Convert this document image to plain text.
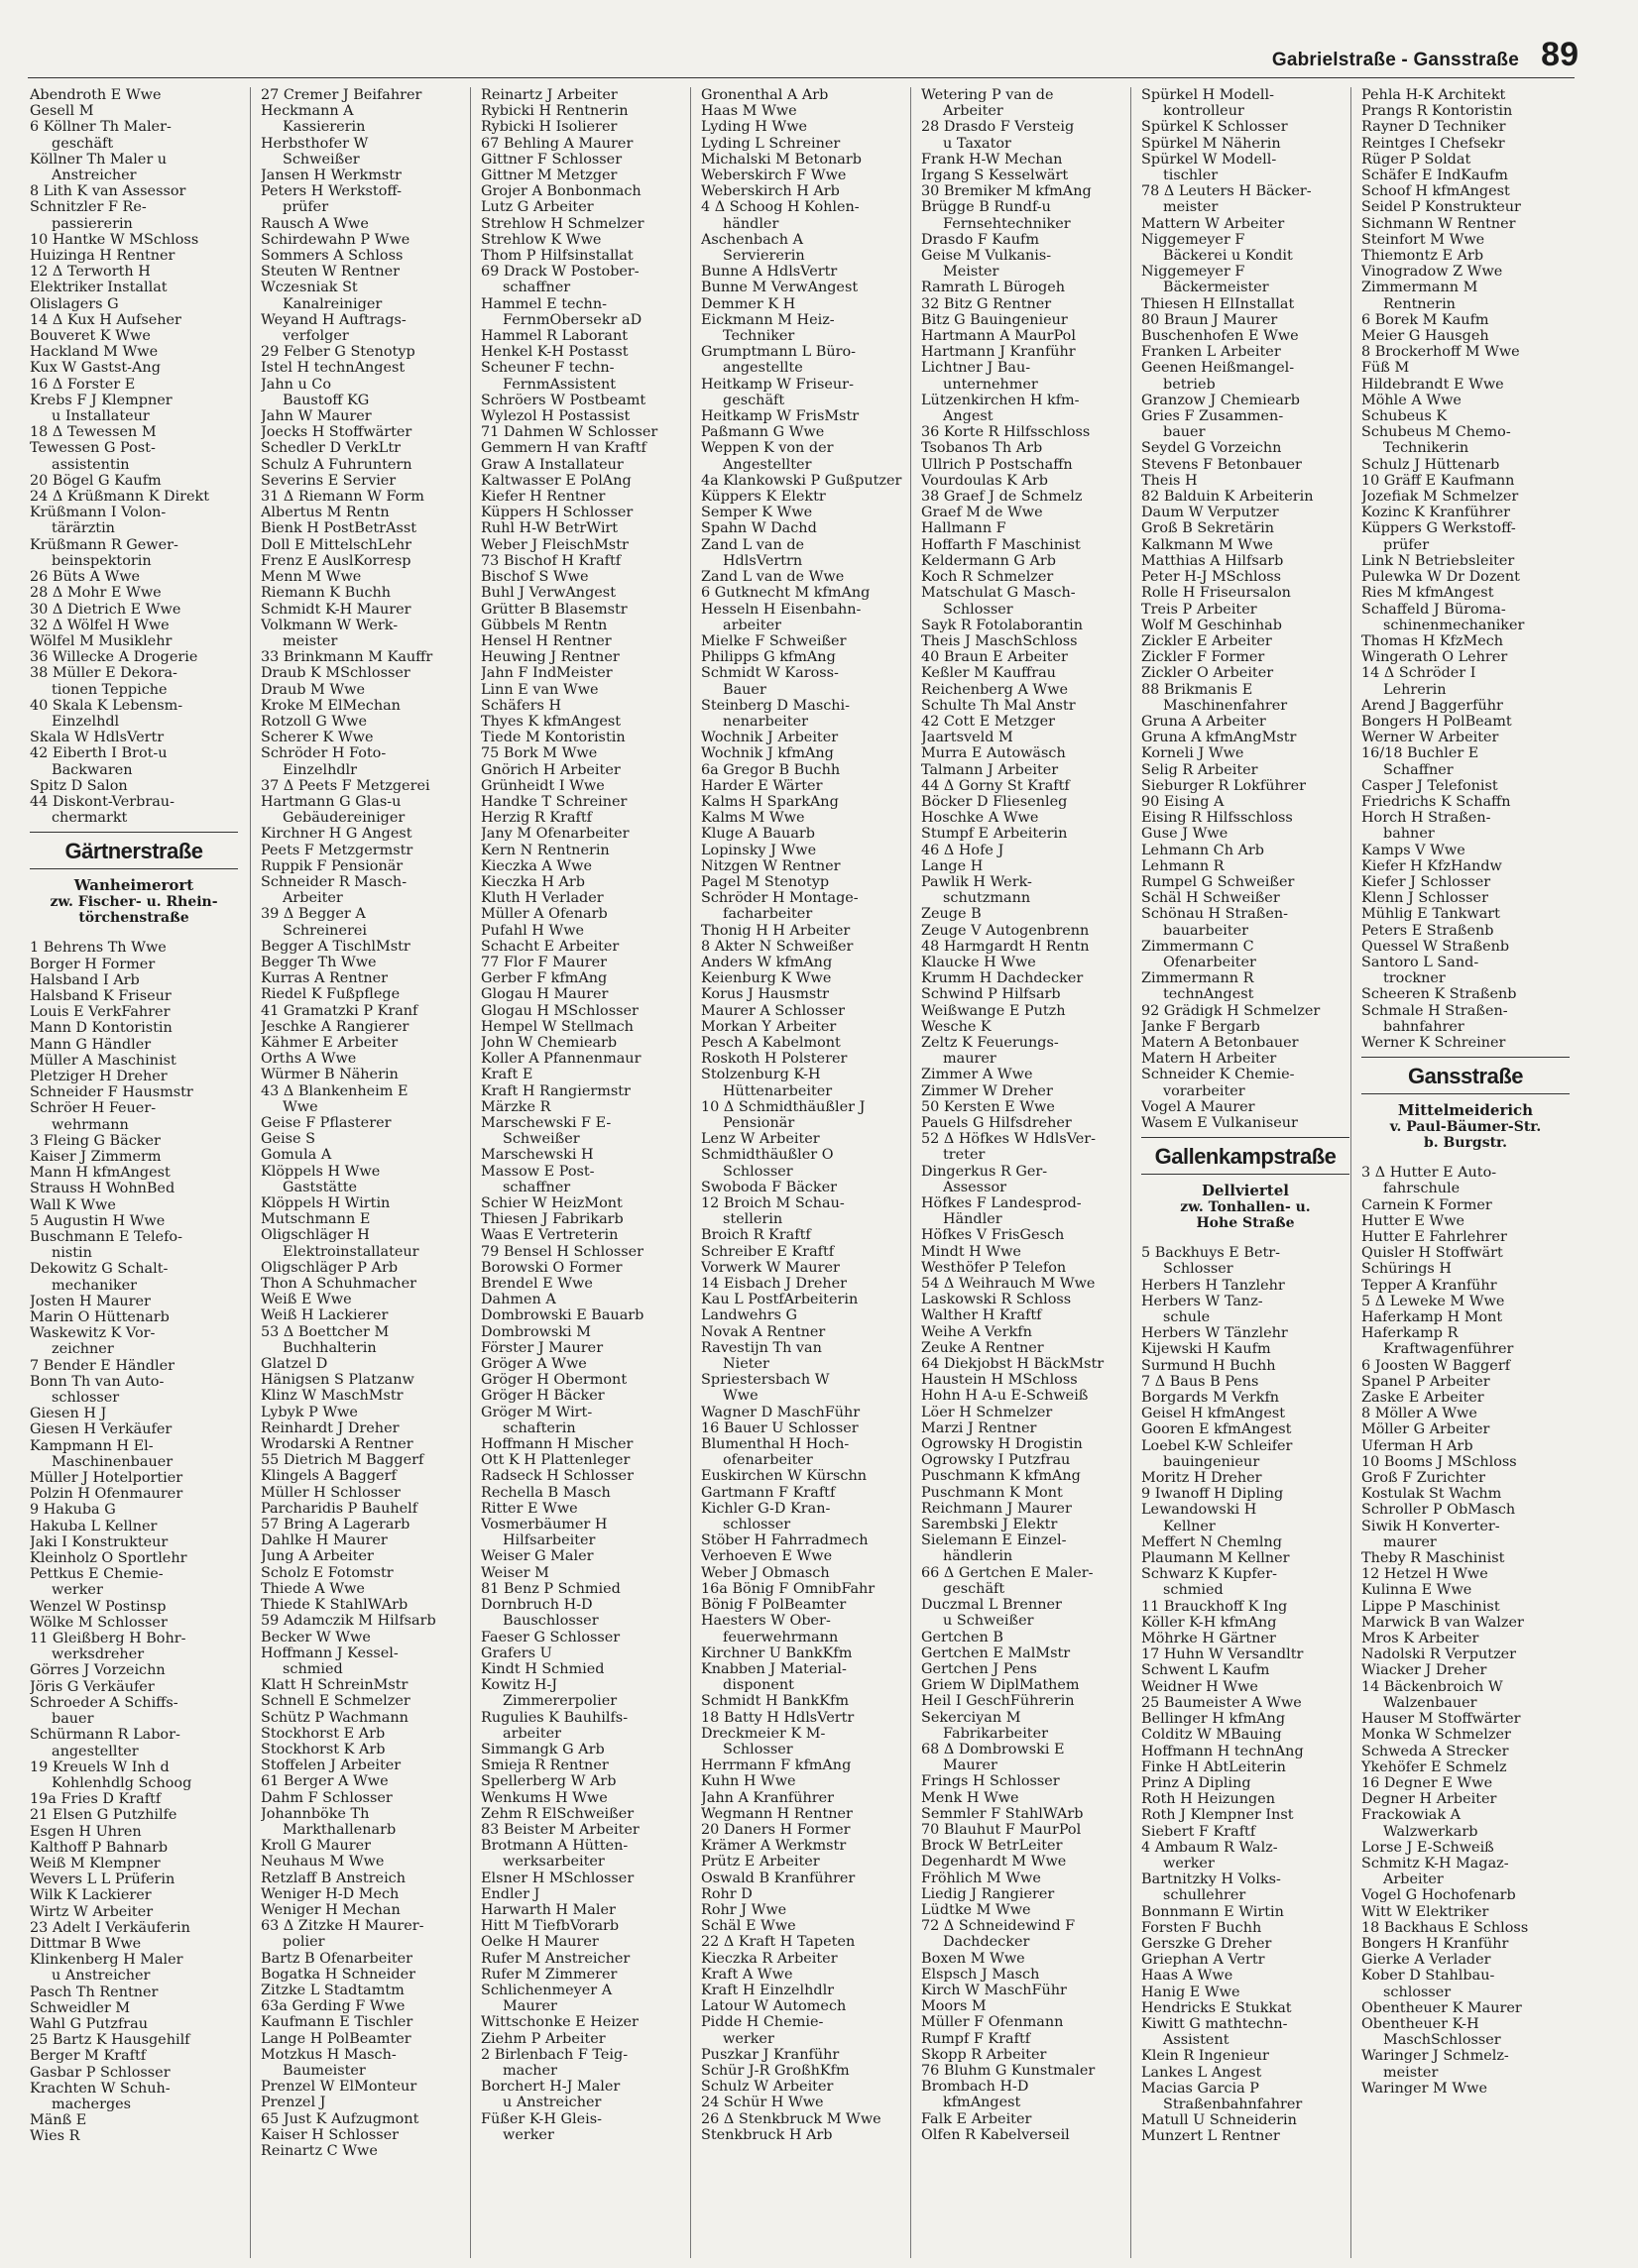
Gabrielstraße - Gansstraße 89
Abendroth E Wwe
Gesell M
6 Köllner Th Maler-
geschäft
Köllner Th Maler u
Anstreicher
8 Lith K van Assessor
Schnitzler F Re-
passiererin
10 Hantke W MSchloss
Huizinga H Rentner
12 Δ Terworth H
Elektriker Installat
Olislagers G
14 Δ Kux H Aufseher
Bouveret K Wwe
Hackland M Wwe
Kux W Gastst-Ang
16 Δ Forster E
Krebs F J Klempner
u Installateur
18 Δ Tewessen M
Tewessen G Post-
assistentin
20 Bögel G Kaufm
24 Δ Krüßmann K Direkt
Krüßmann I Volon-
tärärztin
Krüßmann R Gewer-
beinspektorin
26 Büts A Wwe
28 Δ Mohr E Wwe
30 Δ Dietrich E Wwe
32 Δ Wölfel H Wwe
Wölfel M Musiklehr
36 Willecke A Drogerie
38 Müller E Dekora-
tionen Teppiche
40 Skala K Lebensm-
Einzelhdl
Skala W HdlsVertr
42 Eiberth I Brot-u
Backwaren
Spitz D Salon
44 Diskont-Verbrau-
chermarkt
Gärtnerstraße
Wanheimerort
zw. Fischer- u. Rhein-
törchenstraße
1 Behrens Th Wwe
Borger H Former
Halsband I Arb
Halsband K Friseur
Louis E VerkFahrer
Mann D Kontoristin
Mann G Händler
Müller A Maschinist
Pletziger H Dreher
Schneider F Hausmstr
Schröer H Feuer-
wehrmann
3 Fleing G Bäcker
Kaiser J Zimmerm
Mann H kfmAngest
Strauss H WohnBed
Wall K Wwe
5 Augustin H Wwe
Buschmann E Telefo-
nistin
Dekowitz G Schalt-
mechaniker
Josten H Maurer
Marin O Hüttenarb
Waskewitz K Vor-
zeichner
7 Bender E Händler
Bonn Th van Auto-
schlosser
Giesen H J
Giesen H Verkäufer
Kampmann H El-
Maschinenbauer
Müller J Hotelportier
Polzin H Ofenmaurer
9 Hakuba G
Hakuba L Kellner
Jaki I Konstrukteur
Kleinholz O Sportlehr
Pettkus E Chemie-
werker
Wenzel W Postinsp
Wölke M Schlosser
11 Gleißberg H Bohr-
werksdreher
Görres J Vorzeichn
Jöris G Verkäufer
Schroeder A Schiffs-
bauer
Schürmann R Labor-
angestellter
19 Kreuels W Inh d
Kohlenhdlg Schoog
19a Fries D Kraftf
21 Elsen G Putzhilfe
Esgen H Uhren
Kalthoff P Bahnarb
Weiß M Klempner
Wevers L L Prüferin
Wilk K Lackierer
Wirtz W Arbeiter
23 Adelt I Verkäuferin
Dittmar B Wwe
Klinkenberg H Maler
u Anstreicher
Pasch Th Rentner
Schweidler M
Wahl G Putzfrau
25 Bartz K Hausgehilf
Berger M Kraftf
Gasbar P Schlosser
Krachten W Schuh-
macherges
Mänß E
Wies R
27 Cremer J Beifahrer
Heckmann A
Kassiererin
Herbsthofer W
Schweißer
Jansen H Werkmstr
Peters H Werkstoff-
prüfer
Rausch A Wwe
Schirdewahn P Wwe
Sommers A Schloss
Steuten W Rentner
Wczesniak St
Kanalreiniger
Weyand H Auftrags-
verfolger
29 Felber G Stenotyp
Istel H technAngest
Jahn u Co
Baustoff KG
Jahn W Maurer
Joecks H Stoffwärter
Schedler D VerkLtr
Schulz A Fuhruntern
Severins E Servier
31 Δ Riemann W Form
Albertus M Rentn
Bienk H PostBetrAsst
Doll E MittelschLehr
Frenz E AuslKorresp
Menn M Wwe
Riemann K Buchh
Schmidt K-H Maurer
Volkmann W Werk-
meister
33 Brinkmann M Kauffr
Draub K MSchlosser
Draub M Wwe
Kroke M ElMechan
Rotzoll G Wwe
Scherer K Wwe
Schröder H Foto-
Einzelhdlr
37 Δ Peets F Metzgerei
Hartmann G Glas-u
Gebäudereiniger
Kirchner H G Angest
Peets F Metzgermstr
Ruppik F Pensionär
Schneider R Masch-
Arbeiter
39 Δ Begger A
Schreinerei
Begger A TischlMstr
Begger Th Wwe
Kurras A Rentner
Riedel K Fußpflege
41 Gramatzki P Kranf
Jeschke A Rangierer
Kähmer E Arbeiter
Orths A Wwe
Würmer B Näherin
43 Δ Blankenheim E
Wwe
Geise F Pflasterer
Geise S
Gomula A
Klöppels H Wwe
Gaststätte
Klöppels H Wirtin
Mutschmann E
Oligschläger H
Elektroinstallateur
Oligschläger P Arb
Thon A Schuhmacher
Weiß E Wwe
Weiß H Lackierer
53 Δ Boettcher M
Buchhalterin
Glatzel D
Hänigsen S Platzanw
Klinz W MaschMstr
Lybyk P Wwe
Reinhardt J Dreher
Wrodarski A Rentner
55 Dietrich M Baggerf
Klingels A Baggerf
Müller H Schlosser
Parcharidis P Bauhelf
57 Bring A Lagerarb
Dahlke H Maurer
Jung A Arbeiter
Scholz E Fotomstr
Thiede A Wwe
Thiede K StahlWArb
59 Adamczik M Hilfsarb
Becker W Wwe
Hoffmann J Kessel-
schmied
Klatt H SchreinMstr
Schnell E Schmelzer
Schütz P Wachmann
Stockhorst E Arb
Stockhorst K Arb
Stoffelen J Arbeiter
61 Berger A Wwe
Dahm F Schlosser
Johannböke Th
Markthallenarb
Kroll G Maurer
Neuhaus M Wwe
Retzlaff B Anstreich
Weniger H-D Mech
Weniger H Mechan
63 Δ Zitzke H Maurer-
polier
Bartz B Ofenarbeiter
Bogatka H Schneider
Zitzke L Stadtamtm
63a Gerding F Wwe
Kaufmann E Tischler
Lange H PolBeamter
Motzkus H Masch-
Baumeister
Prenzel W ElMonteur
Prenzel J
65 Just K Aufzugmont
Kaiser H Schlosser
Reinartz C Wwe
Reinartz J Arbeiter
Rybicki H Rentnerin
Rybicki H Isolierer
67 Behling A Maurer
Gittner F Schlosser
Gittner M Metzger
Grojer A Bonbonmach
Lutz G Arbeiter
Strehlow H Schmelzer
Strehlow K Wwe
Thom P Hilfsinstallat
69 Drack W Postober-
schaffner
Hammel E techn-
FernmObersekr aD
Hammel R Laborant
Henkel K-H Postasst
Scheuner F techn-
FernmAssistent
Schröers W Postbeamt
Wylezol H Postassist
71 Dahmen W Schlosser
Gemmern H van Kraftf
Graw A Installateur
Kaltwasser E PolAng
Kiefer H Rentner
Küppers H Schlosser
Ruhl H-W BetrWirt
Weber J FleischMstr
73 Bischof H Kraftf
Bischof S Wwe
Buhl J VerwAngest
Grütter B Blasemstr
Gübbels M Rentn
Hensel H Rentner
Heuwing J Rentner
Jahn F IndMeister
Linn E van Wwe
Schäfers H
Thyes K kfmAngest
Tiede M Kontoristin
75 Bork M Wwe
Gnörich H Arbeiter
Grünheidt I Wwe
Handke T Schreiner
Herzig R Kraftf
Jany M Ofenarbeiter
Kern N Rentnerin
Kieczka A Wwe
Kieczka H Arb
Kluth H Verlader
Müller A Ofenarb
Pufahl H Wwe
Schacht E Arbeiter
77 Flor F Maurer
Gerber F kfmAng
Glogau H Maurer
Glogau H MSchlosser
Hempel W Stellmach
John W Chemiearb
Koller A Pfannenmaur
Kraft E
Kraft H Rangiermstr
Märzke R
Marschewski F E-
Schweißer
Marschewski H
Massow E Post-
schaffner
Schier W HeizMont
Thiesen J Fabrikarb
Waas E Vertreterin
79 Bensel H Schlosser
Borowski O Former
Brendel E Wwe
Dahmen A
Dombrowski E Bauarb
Dombrowski M
Förster J Maurer
Gröger A Wwe
Gröger H Obermont
Gröger H Bäcker
Gröger M Wirt-
schafterin
Hoffmann H Mischer
Ott K H Plattenleger
Radseck H Schlosser
Rechella B Masch
Ritter E Wwe
Vosmerbäumer H
Hilfsarbeiter
Weiser G Maler
Weiser M
81 Benz P Schmied
Dornbruch H-D
Bauschlosser
Faeser G Schlosser
Grafers U
Kindt H Schmied
Kowitz H-J
Zimmererpolier
Rugulies K Bauhilfs-
arbeiter
Simmangk G Arb
Smieja R Rentner
Spellerberg W Arb
Wenkums H Wwe
Zehm R ElSchweißer
83 Beister M Arbeiter
Brotmann A Hütten-
werksarbeiter
Elsner H MSchlosser
Endler J
Harwarth H Maler
Hitt M TiefbVorarb
Oelke H Maurer
Rufer M Anstreicher
Rufer M Zimmerer
Schlichenmeyer A
Maurer
Wittschonke E Heizer
Ziehm P Arbeiter
2 Birlenbach F Teig-
macher
Borchert H-J Maler
u Anstreicher
Füßer K-H Gleis-
werker
Gronenthal A Arb
Haas M Wwe
Lyding H Wwe
Lyding L Schreiner
Michalski M Betonarb
Weberskirch F Wwe
Weberskirch H Arb
4 Δ Schoog H Kohlen-
händler
Aschenbach A
Serviererin
Bunne A HdlsVertr
Bunne M VerwAngest
Demmer K H
Eickmann M Heiz-
Techniker
Grumptmann L Büro-
angestellte
Heitkamp W Friseur-
geschäft
Heitkamp W FrisMstr
Paßmann G Wwe
Weppen K von der
Angestellter
4a Klankowski P Gußputzer
Küppers K Elektr
Semper K Wwe
Spahn W Dachd
Zand L van de
HdlsVertrn
Zand L van de Wwe
6 Gutknecht M kfmAng
Hesseln H Eisenbahn-
arbeiter
Mielke F Schweißer
Philipps G kfmAng
Schmidt W Kaross-
Bauer
Steinberg D Maschi-
nenarbeiter
Wochnik J Arbeiter
Wochnik J kfmAng
6a Gregor B Buchh
Harder E Wärter
Kalms H SparkAng
Kalms M Wwe
Kluge A Bauarb
Lopinsky J Wwe
Nitzgen W Rentner
Pagel M Stenotyp
Schröder H Montage-
facharbeiter
Thonig H H Arbeiter
8 Akter N Schweißer
Anders W kfmAng
Keienburg K Wwe
Korus J Hausmstr
Maurer A Schlosser
Morkan Y Arbeiter
Pesch A Kabelmont
Roskoth H Polsterer
Stolzenburg K-H
Hüttenarbeiter
10 Δ Schmidthäußler J
Pensionär
Lenz W Arbeiter
Schmidthäußler O
Schlosser
Swoboda F Bäcker
12 Broich M Schau-
stellerin
Broich R Kraftf
Schreiber E Kraftf
Vorwerk W Maurer
14 Eisbach J Dreher
Kau L PostfArbeiterin
Landwehrs G
Novak A Rentner
Ravestijn Th van
Nieter
Spriestersbach W
Wwe
Wagner D MaschFühr
16 Bauer U Schlosser
Blumenthal H Hoch-
ofenarbeiter
Euskirchen W Kürschn
Gartmann F Kraftf
Kichler G-D Kran-
schlosser
Stöber H Fahrradmech
Verhoeven E Wwe
Weber J Obmasch
16a Bönig F OmnibFahr
Bönig F PolBeamter
Haesters W Ober-
feuerwehrmann
Kirchner U BankKfm
Knabben J Material-
disponent
Schmidt H BankKfm
18 Batty H HdlsVertr
Dreckmeier K M-
Schlosser
Herrmann F kfmAng
Kuhn H Wwe
Jahn A Kranführer
Wegmann H Rentner
20 Daners H Former
Krämer A Werkmstr
Prütz E Arbeiter
Oswald B Kranführer
Rohr D
Rohr J Wwe
Schäl E Wwe
22 Δ Kraft H Tapeten
Kieczka R Arbeiter
Kraft A Wwe
Kraft H Einzelhdlr
Latour W Automech
Pidde H Chemie-
werker
Puszkar J Kranführ
Schür J-R GroßhKfm
Schulz W Arbeiter
24 Schür H Wwe
26 Δ Stenkbruck M Wwe
Stenkbruck H Arb
Wetering P van de
Arbeiter
28 Drasdo F Versteig
u Taxator
Frank H-W Mechan
Irgang S Kesselwärt
30 Bremiker M kfmAng
Brügge B Rundf-u
Fernsehtechniker
Drasdo F Kaufm
Geise M Vulkanis-
Meister
Ramrath L Bürogeh
32 Bitz G Rentner
Bitz G Bauingenieur
Hartmann A MaurPol
Hartmann J Kranführ
Lichtner J Bau-
unternehmer
Lützenkirchen H kfm-
Angest
36 Korte R Hilfsschloss
Tsobanos Th Arb
Ullrich P Postschaffn
Vourdoulas K Arb
38 Graef J de Schmelz
Graef M de Wwe
Hallmann F
Hoffarth F Maschinist
Keldermann G Arb
Koch R Schmelzer
Matschulat G Masch-
Schlosser
Sayk R Fotolaborantin
Theis J MaschSchloss
40 Braun E Arbeiter
Keßler M Kauffrau
Reichenberg A Wwe
Schulte Th Mal Anstr
42 Cott E Metzger
Jaartsveld M
Murra E Autowäsch
Talmann J Arbeiter
44 Δ Gorny St Kraftf
Böcker D Fliesenleg
Hoschke A Wwe
Stumpf E Arbeiterin
46 Δ Hofe J
Lange H
Pawlik H Werk-
schutzmann
Zeuge B
Zeuge V Autogenbrenn
48 Harmgardt H Rentn
Klaucke H Wwe
Krumm H Dachdecker
Schwind P Hilfsarb
Weißwange E Putzh
Wesche K
Zeltz K Feuerungs-
maurer
Zimmer A Wwe
Zimmer W Dreher
50 Kersten E Wwe
Pauels G Hilfsdreher
52 Δ Höfkes W HdlsVer-
treter
Dingerkus R Ger-
Assessor
Höfkes F Landesprod-
Händler
Höfkes V FrisGesch
Mindt H Wwe
Westhöfer P Telefon
54 Δ Weihrauch M Wwe
Laskowski R Schloss
Walther H Kraftf
Weihe A Verkfn
Zeuke A Rentner
64 Diekjobst H BäckMstr
Haustein H MSchloss
Hohn H A-u E-Schweiß
Löer H Schmelzer
Marzi J Rentner
Ogrowsky H Drogistin
Ogrowsky I Putzfrau
Puschmann K kfmAng
Puschmann K Mont
Reichmann J Maurer
Sarembski J Elektr
Sielemann E Einzel-
händlerin
66 Δ Gertchen E Maler-
geschäft
Duczmal L Brenner
u Schweißer
Gertchen B
Gertchen E MalMstr
Gertchen J Pens
Griem W DiplMathem
Heil I GeschFührerin
Sekerciyan M
Fabrikarbeiter
68 Δ Dombrowski E
Maurer
Frings H Schlosser
Menk H Wwe
Semmler F StahlWArb
70 Blauhut F MaurPol
Brock W BetrLeiter
Degenhardt M Wwe
Fröhlich M Wwe
Liedig J Rangierer
Lüdtke M Wwe
72 Δ Schneidewind F
Dachdecker
Boxen M Wwe
Elspsch J Masch
Kirch W MaschFühr
Moors M
Müller F Ofenmann
Rumpf F Kraftf
Skopp R Arbeiter
76 Bluhm G Kunstmaler
Brombach H-D
kfmAngest
Falk E Arbeiter
Olfen R Kabelverseil
Spürkel H Modell-
kontrolleur
Spürkel K Schlosser
Spürkel M Näherin
Spürkel W Modell-
tischler
78 Δ Leuters H Bäcker-
meister
Mattern W Arbeiter
Niggemeyer F
Bäckerei u Kondit
Niggemeyer F
Bäckermeister
Thiesen H ElInstallat
80 Braun J Maurer
Buschenhofen E Wwe
Franken L Arbeiter
Geenen Heißmangel-
betrieb
Granzow J Chemiearb
Gries F Zusammen-
bauer
Seydel G Vorzeichn
Stevens F Betonbauer
Theis H
82 Balduin K Arbeiterin
Daum W Verputzer
Groß B Sekretärin
Kalkmann M Wwe
Matthias A Hilfsarb
Peter H-J MSchloss
Rolle H Friseursalon
Treis P Arbeiter
Wolf M Geschinhab
Zickler E Arbeiter
Zickler F Former
Zickler O Arbeiter
88 Brikmanis E
Maschinenfahrer
Gruna A Arbeiter
Gruna A kfmAngMstr
Korneli J Wwe
Selig R Arbeiter
Sieburger R Lokführer
90 Eising A
Eising R Hilfsschloss
Guse J Wwe
Lehmann Ch Arb
Lehmann R
Rumpel G Schweißer
Schäl H Schweißer
Schönau H Straßen-
bauarbeiter
Zimmermann C
Ofenarbeiter
Zimmermann R
technAngest
92 Grädigk H Schmelzer
Janke F Bergarb
Matern A Betonbauer
Matern H Arbeiter
Schneider K Chemie-
vorarbeiter
Vogel A Maurer
Wasem E Vulkaniseur
Gallenkampstraße
Dellviertel
zw. Tonhallen- u.
Hohe Straße
5 Backhuys E Betr-
Schlosser
Herbers H Tanzlehr
Herbers W Tanz-
schule
Herbers W Tänzlehr
Kijewski H Kaufm
Surmund H Buchh
7 Δ Baus B Pens
Borgards M Verkfn
Geisel H kfmAngest
Gooren E kfmAngest
Loebel K-W Schleifer
bauingenieur
Moritz H Dreher
9 Iwanoff H Dipling
Lewandowski H
Kellner
Meffert N Chemlng
Plaumann M Kellner
Schwarz K Kupfer-
schmied
11 Brauckhoff K Ing
Köller K-H kfmAng
Möhrke H Gärtner
17 Huhn W Versandltr
Schwent L Kaufm
Weidner H Wwe
25 Baumeister A Wwe
Bellinger H kfmAng
Colditz W MBauing
Hoffmann H technAng
Finke H AbtLeiterin
Prinz A Dipling
Roth H Heizungen
Roth J Klempner Inst
Siebert F Kraftf
4 Ambaum R Walz-
werker
Bartnitzky H Volks-
schullehrer
Bonnmann E Wirtin
Forsten F Buchh
Gerszke G Dreher
Griephan A Vertr
Haas A Wwe
Hanig E Wwe
Hendricks E Stukkat
Kiwitt G mathtechn-
Assistent
Klein R Ingenieur
Lankes L Angest
Macias Garcia P
Straßenbahnfahrer
Matull U Schneiderin
Munzert L Rentner
Pehla H-K Architekt
Prangs R Kontoristin
Rayner D Techniker
Reintges I Chefsekr
Rüger P Soldat
Schäfer E IndKaufm
Schoof H kfmAngest
Seidel P Konstrukteur
Sichmann W Rentner
Steinfort M Wwe
Thiemontz E Arb
Vinogradow Z Wwe
Zimmermann M
Rentnerin
6 Borek M Kaufm
Meier G Hausgeh
8 Brockerhoff M Wwe
Füß M
Hildebrandt E Wwe
Möhle A Wwe
Schubeus K
Schubeus M Chemo-
Technikerin
Schulz J Hüttenarb
10 Gräff E Kaufmann
Jozefiak M Schmelzer
Kozinc K Kranführer
Küppers G Werkstoff-
prüfer
Link N Betriebsleiter
Pulewka W Dr Dozent
Ries M kfmAngest
Schaffeld J Büroma-
schinenmechaniker
Thomas H KfzMech
Wingerath O Lehrer
14 Δ Schröder I
Lehrerin
Arend J Baggerführ
Bongers H PolBeamt
Werner W Arbeiter
16/18 Buchler E
Schaffner
Casper J Telefonist
Friedrichs K Schaffn
Horch H Straßen-
bahner
Kamps V Wwe
Kiefer H KfzHandw
Kiefer J Schlosser
Klenn J Schlosser
Mühlig E Tankwart
Peters E Straßenb
Quessel W Straßenb
Santoro L Sand-
trockner
Scheeren K Straßenb
Schmale H Straßen-
bahnfahrer
Werner K Schreiner
Gansstraße
Mittelmeiderich
v. Paul-Bäumer-Str.
b. Burgstr.
3 Δ Hutter E Auto-
fahrschule
Carnein K Former
Hutter E Wwe
Hutter E Fahrlehrer
Quisler H Stoffwärt
Schürings H
Tepper A Kranführ
5 Δ Leweke M Wwe
Haferkamp H Mont
Haferkamp R
Kraftwagenführer
6 Joosten W Baggerf
Spanel P Arbeiter
Zaske E Arbeiter
8 Möller A Wwe
Möller G Arbeiter
Uferman H Arb
10 Booms J MSchloss
Groß F Zurichter
Kostulak St Wachm
Schroller P ObMasch
Siwik H Konverter-
maurer
Theby R Maschinist
12 Hetzel H Wwe
Kulinna E Wwe
Lippe P Maschinist
Marwick B van Walzer
Mros K Arbeiter
Nadolski R Verputzer
Wiacker J Dreher
14 Bäckenbroich W
Walzenbauer
Hauser M Stoffwärter
Monka W Schmelzer
Schweda A Strecker
Ykehöfer E Schmelz
16 Degner E Wwe
Degner H Arbeiter
Frackowiak A
Walzwerkarb
Lorse J E-Schweiß
Schmitz K-H Magaz-
Arbeiter
Vogel G Hochofenarb
Witt W Elektriker
18 Backhaus E Schloss
Bongers H Kranführ
Gierke A Verlader
Kober D Stahlbau-
schlosser
Obentheuer K Maurer
Obentheuer K-H
MaschSchlosser
Waringer J Schmelz-
meister
Waringer M Wwe
